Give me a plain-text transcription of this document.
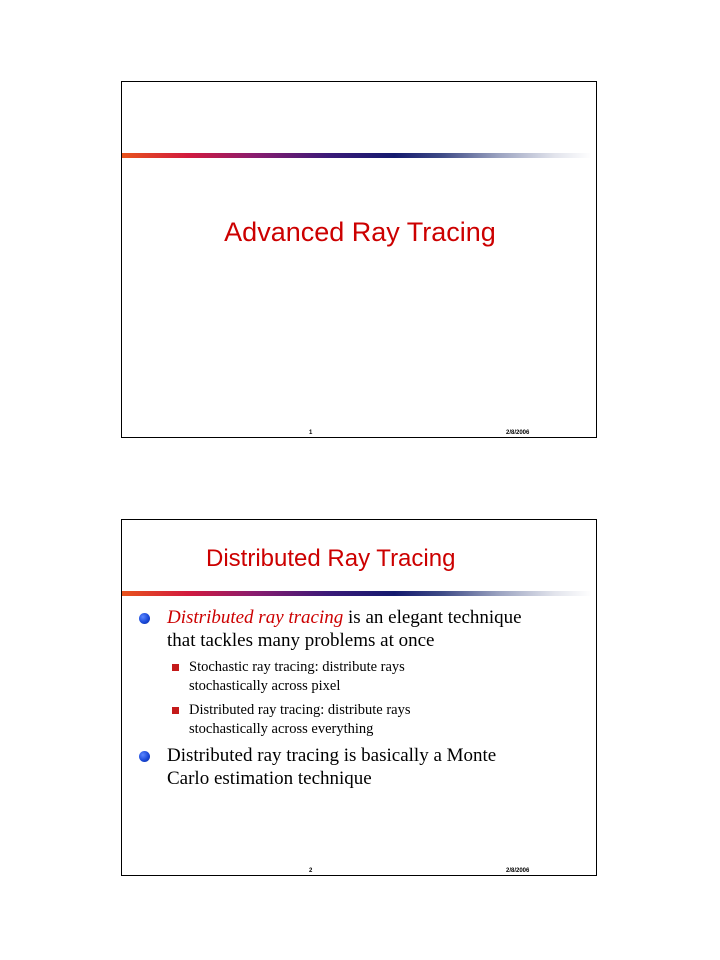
Advanced Ray Tracing
1	2/8/2006
Distributed Ray Tracing
Distributed ray tracing is an elegant technique
that tackles many problems at once
Stochastic ray tracing: distribute rays
stochastically across pixel
Distributed ray tracing: distribute rays
stochastically across everything
Distributed ray tracing is basically a Monte
Carlo estimation technique
2	2/8/2006
